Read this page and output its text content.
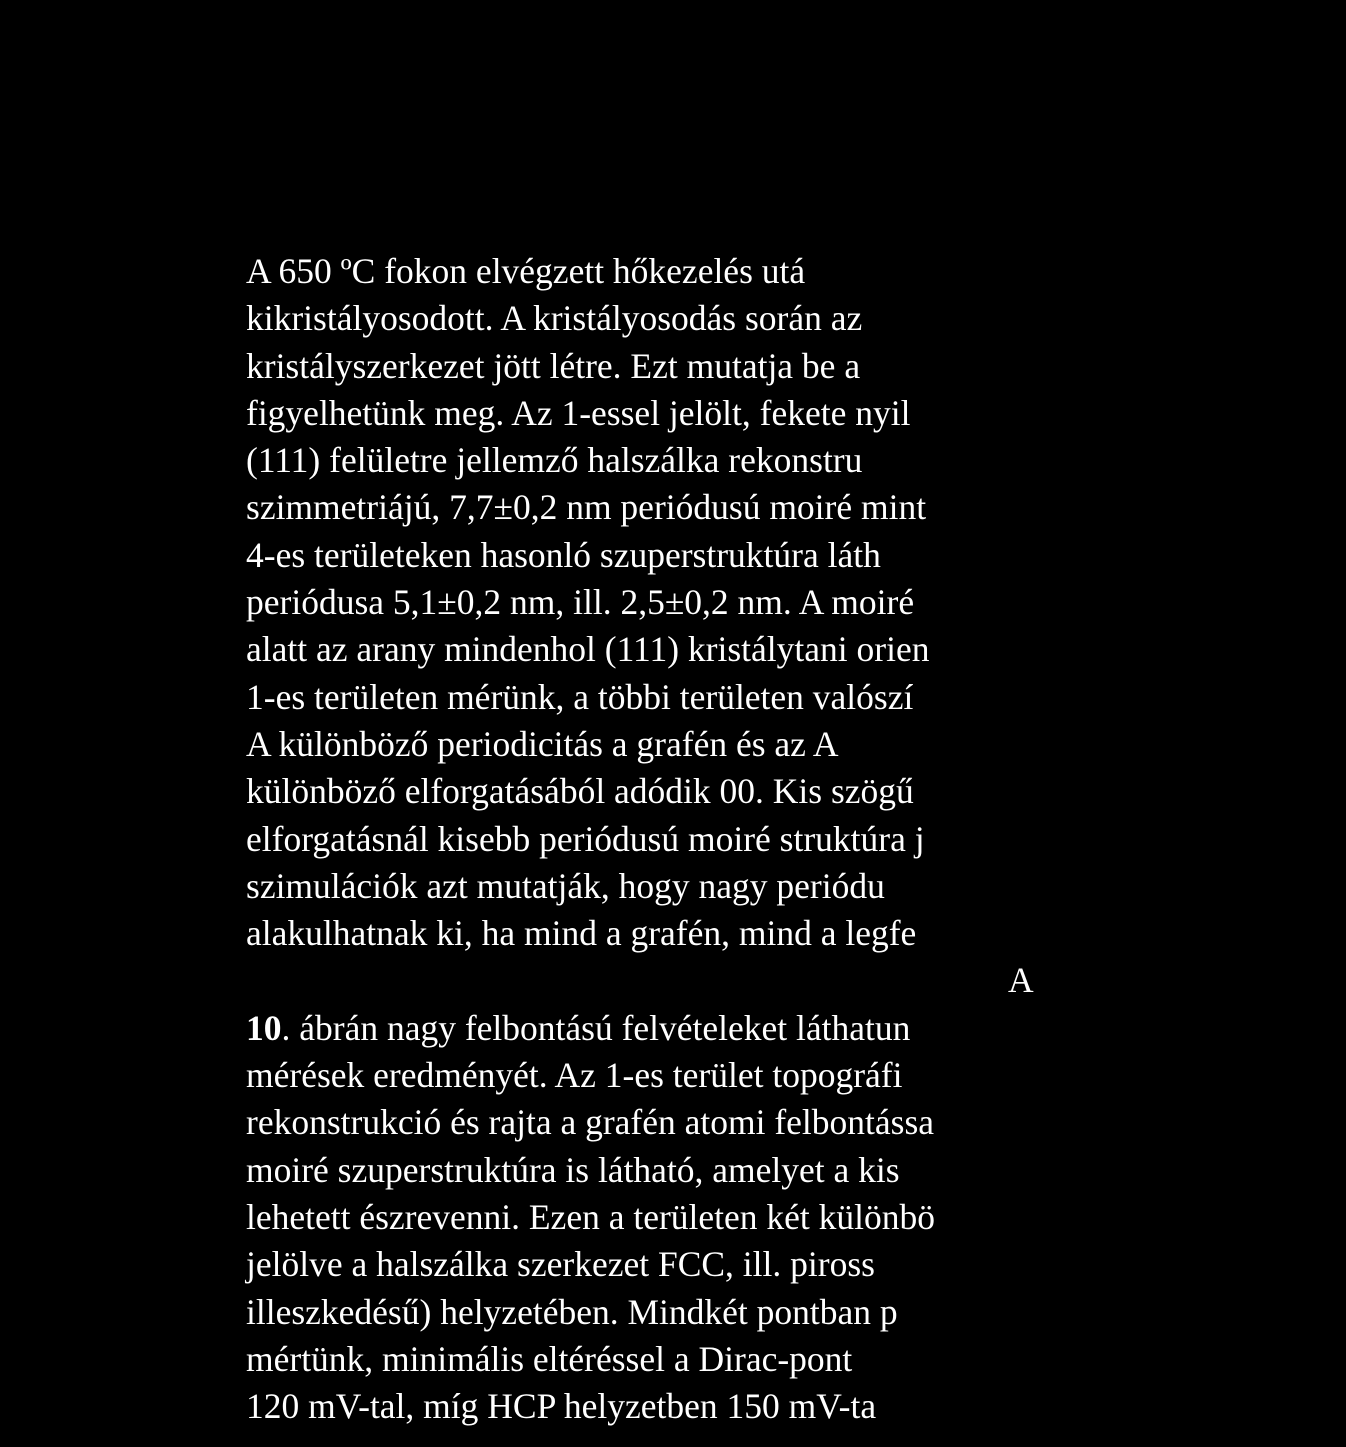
A 650 ºC fokon elvégzett hőkezelés utá
kikristályosodott. A kristályosodás során az
kristályszerkezet jött létre. Ezt mutatja be a
figyelhetünk meg. Az 1-essel jelölt, fekete nyil
(111) felületre jellemző halszálka rekonstru
szimmetriájú, 7,7±0,2 nm periódusú moiré mint
4-es területeken hasonló szuperstruktúra láth
periódusa 5,1±0,2 nm, ill. 2,5±0,2 nm. A moiré
alatt az arany mindenhol (111) kristálytani orien
1-es területen mérünk, a többi területen valószí
A különböző periodicitás a grafén és az A
különböző elforgatásából adódik 00. Kis szögű
elforgatásnál kisebb periódusú moiré struktúra j
szimulációk azt mutatják, hogy nagy periódu
alakulhatnak ki, ha mind a grafén, mind a legfe
A
10. ábrán nagy felbontású felvételeket láthatun
mérések eredményét. Az 1-es terület topográfi
rekonstrukció és rajta a grafén atomi felbontássa
moiré szuperstruktúra is látható, amelyet a kis
lehetett észrevenni. Ezen a területen két különbö
jelölve a halszálka szerkezet FCC, ill. piross
illeszkedésű) helyzetében. Mindkét pontban p
mértünk, minimális eltéréssel a Dirac-pont
120 mV-tal, míg HCP helyzetben 150 mV-ta
